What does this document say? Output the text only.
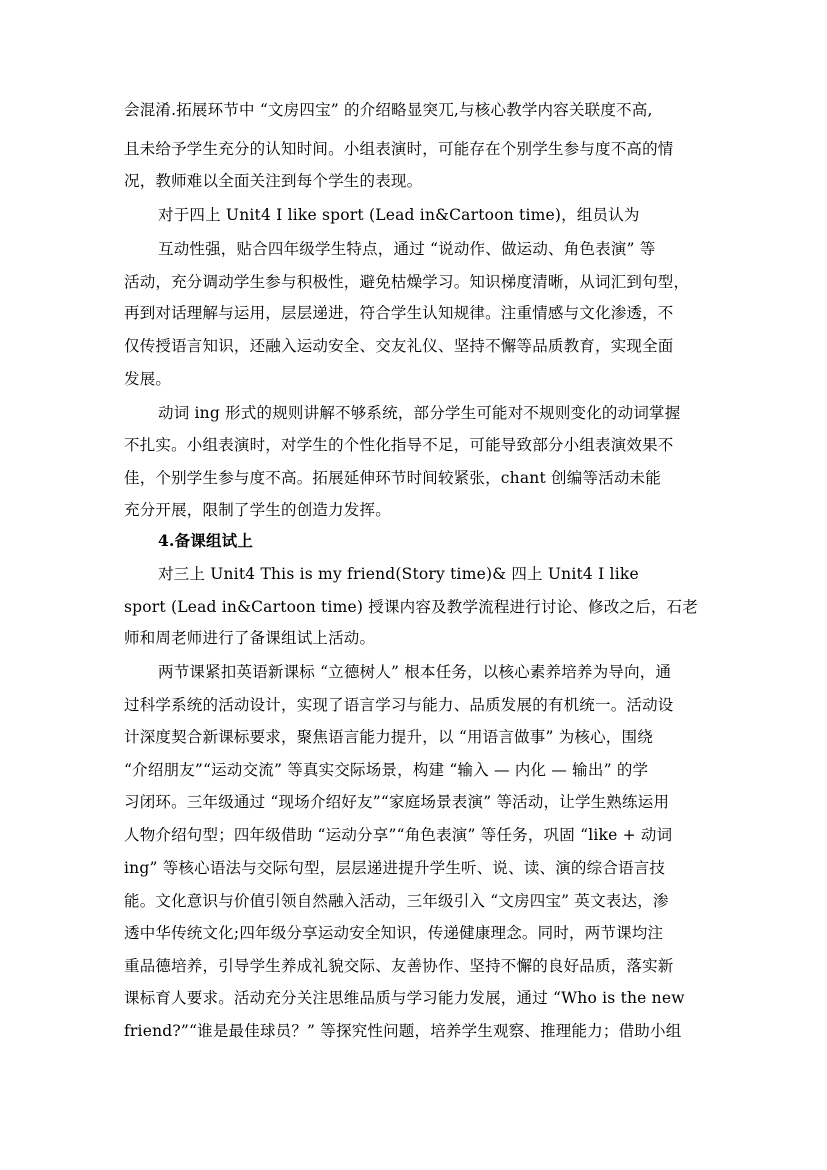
会混淆.拓展环节中 “文房四宝” 的介绍略显突兀,与核心教学内容关联度不高,
且未给予学生充分的认知时间。小组表演时，可能存在个别学生参与度不高的情
况，教师难以全面关注到每个学生的表现。
对于四上 Unit4 I like sport (Lead in&Cartoon time)，组员认为
互动性强，贴合四年级学生特点，通过 “说动作、做运动、角色表演” 等
活动，充分调动学生参与积极性，避免枯燥学习。知识梯度清晰，从词汇到句型，
再到对话理解与运用，层层递进，符合学生认知规律。注重情感与文化渗透，不
仅传授语言知识，还融入运动安全、交友礼仪、坚持不懈等品质教育，实现全面
发展。
动词 ing 形式的规则讲解不够系统，部分学生可能对不规则变化的动词掌握
不扎实。小组表演时，对学生的个性化指导不足，可能导致部分小组表演效果不
佳，个别学生参与度不高。拓展延伸环节时间较紧张，chant 创编等活动未能
充分开展，限制了学生的创造力发挥。
4.备课组试上
对三上 Unit4 This is my friend(Story time)& 四上 Unit4 I like
sport (Lead in&Cartoon time) 授课内容及教学流程进行讨论、修改之后，石老
师和周老师进行了备课组试上活动。
两节课紧扣英语新课标 “立德树人” 根本任务，以核心素养培养为导向，通
过科学系统的活动设计，实现了语言学习与能力、品质发展的有机统一。活动设
计深度契合新课标要求，聚焦语言能力提升，以 “用语言做事” 为核心，围绕
“介绍朋友”“运动交流” 等真实交际场景，构建 “输入 — 内化 — 输出” 的学
习闭环。三年级通过 “现场介绍好友”“家庭场景表演” 等活动，让学生熟练运用
人物介绍句型；四年级借助 “运动分享”“角色表演” 等任务，巩固 “like + 动词
ing” 等核心语法与交际句型，层层递进提升学生听、说、读、演的综合语言技
能。文化意识与价值引领自然融入活动，三年级引入 “文房四宝” 英文表达，渗
透中华传统文化;四年级分享运动安全知识，传递健康理念。同时，两节课均注
重品德培养，引导学生养成礼貌交际、友善协作、坚持不懈的良好品质，落实新
课标育人要求。活动充分关注思维品质与学习能力发展，通过 “Who is the new
friend?”“谁是最佳球员？” 等探究性问题，培养学生观察、推理能力；借助小组
